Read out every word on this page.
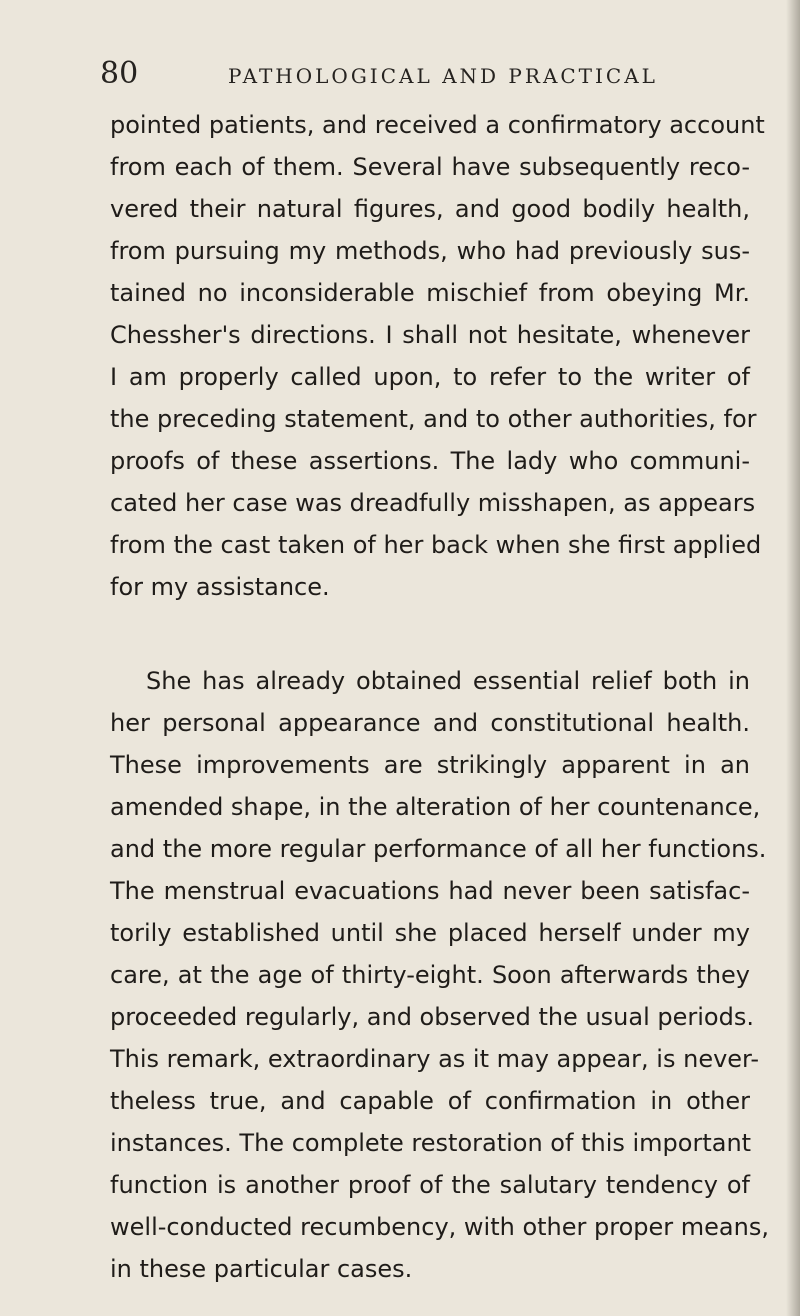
80	PATHOLOGICAL AND PRACTICAL
pointed patients, and received a confirmatory account
from each of them. Several have subsequently reco-
vered their natural figures, and good bodily health,
from pursuing my methods, who had previously sus-
tained no inconsiderable mischief from obeying Mr.
Chessher's directions. I shall not hesitate, whenever
I am properly called upon, to refer to the writer of
the preceding statement, and to other authorities, for
proofs of these assertions. The lady who communi-
cated her case was dreadfully misshapen, as appears
from the cast taken of her back when she first applied
for my assistance.
She has already obtained essential relief both in
her personal appearance and constitutional health.
These improvements are strikingly apparent in an
amended shape, in the alteration of her countenance,
and the more regular performance of all her functions.
The menstrual evacuations had never been satisfac-
torily established until she placed herself under my
care, at the age of thirty-eight. Soon afterwards they
proceeded regularly, and observed the usual periods.
This remark, extraordinary as it may appear, is never-
theless true, and capable of confirmation in other
instances. The complete restoration of this important
function is another proof of the salutary tendency of
well-conducted recumbency, with other proper means,
in these particular cases.
